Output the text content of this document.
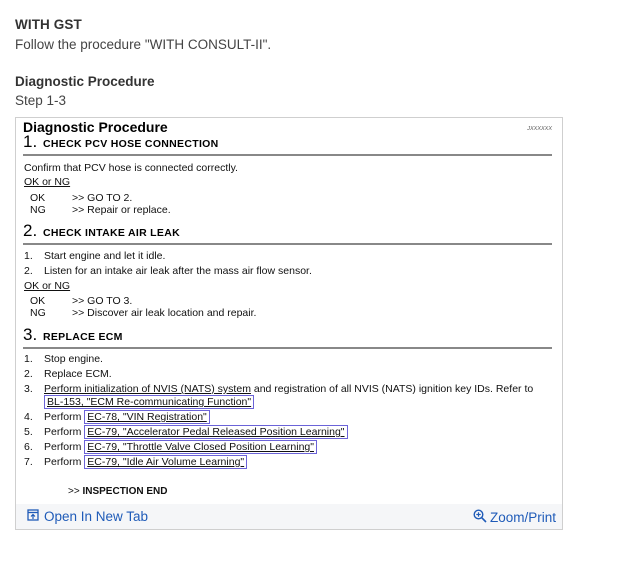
WITH GST

Follow the procedure "WITH CONSULT-II".

Diagnostic Procedure

Step 1-3

Diagnostic Procedure	JXXXXXX
1. CHECK PCV HOSE CONNECTION
Confirm that PCV hose is connected correctly.
OK or NG
OK	>> GO TO 2.
NG	>> Repair or replace.
2. CHECK INTAKE AIR LEAK
1. Start engine and let it idle.
2. Listen for an intake air leak after the mass air flow sensor.
OK or NG
OK	>> GO TO 3.
NG	>> Discover air leak location and repair.
3. REPLACE ECM
1. Stop engine.
2. Replace ECM.
3. Perform initialization of NVIS (NATS) system and registration of all NVIS (NATS) ignition key IDs. Refer to
BL-153, "ECM Re-communicating Function"
4. Perform EC-78, "VIN Registration"
5. Perform EC-79, "Accelerator Pedal Released Position Learning"
6. Perform EC-79, "Throttle Valve Closed Position Learning"
7. Perform EC-79, "Idle Air Volume Learning"
>> INSPECTION END
Open In New Tab	Zoom/Print
